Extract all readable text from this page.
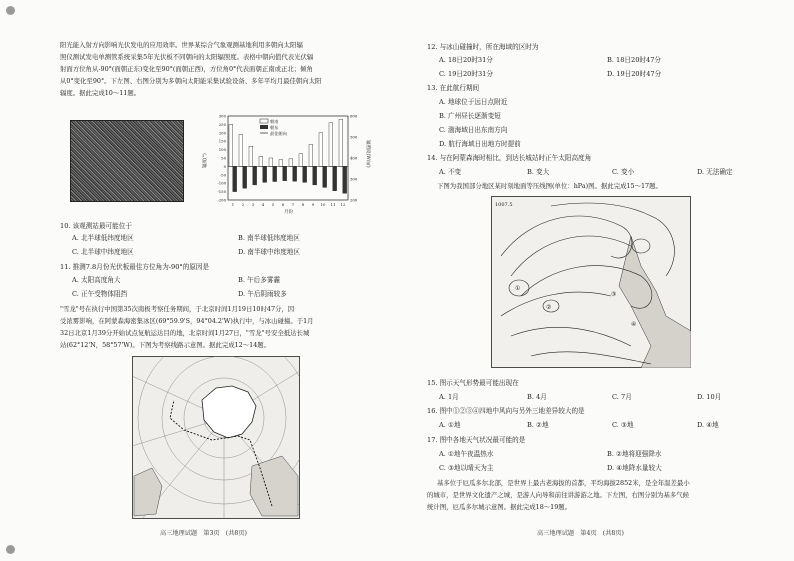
阳光能入射方向影响光伏发电的应用效率。世界某综合气象观测基地利用多朝向太阳辐
照仪测试发电单测管系统采集5年光伏板不同朝向的太阳辐照度。表格中朝向值代表光伏辐
射面方位角从-90°(面朝正东)变化至90°(面朝正西)，方位角0°代表面朝正南或正北；倾角
从0°变化至90°。下左图、右图分别为多朝向太阳能采集试验设备、多年平均月最佳朝向太阳
辐度。据此完成10～11题。
300
250
200
150
100
50
0
-50
-100
-150
-200
600
500
400
300
200
1 2 3 4 5 6 7 8 9 10 11 12
朝南
朝东
最佳朝向
月份
辐度(°)	辐照度(W/㎡)
10. 该观测站最可能位于
A. 北半球低纬度地区	B. 南半球低纬度地区
C. 北半球中纬度地区	D. 南半球中纬度地区
11. 推测7.8月份光伏板最佳方位角为-90°的原因是
A. 太阳高度角大	B. 午后多雾霾
C. 正午受物体阻挡	D. 午后阴雨较多
"雪龙"号在执行中国第35次南极考察任务期间，于北京时间1月19日10时47分，因
受浓雾影响，在阿蒙森海密集冰区(69°59.9'S，94°04.2'W)执行中，与冰山碰撞。于1月
32日北京1月39分开始试点复航运达目的地，北京时间1月27日，"雪龙"号安全抵达长城
站(62°12'N，58°57'W)。下图为考察线路示意图。据此完成12～14题。
高三地理试题　第3页　(共8页)
12. 与冰山碰撞时，所在海域的区时为
A. 18日20时31分	B. 18日20时47分
C. 19日20时31分	D. 19日20时47分
13. 在此航行期间
A. 地球位于远日点附近
B. 广州昼长逐渐变短
C. 渤海域日出东南方向
D. 航行海域日出地方时提前
14. 与在阿蒙森海时相比，到达长城站时正午太阳高度角
A. 不变	B. 变大	C. 变小	D. 无法确定
下图为我国部分地区某时刻地面等压线图(单位：hPa)图。据此完成15～17题。
1007.5
①
②
③
④
15. 图示天气形势最可能出现在
A. 1月	B. 4月	C. 7月	D. 10月
16. 图中①②③④四地中风向与另外三地差异较大的是
A. ①地	B. ②地	C. ③地	D. ④地
17. 图中各地天气状况最可能的是
A. ①地午夜温热水	B. ②地将迎强降水
C. ③地以晴天为主	D. ④地降水量较大
基多位于厄瓜多尔北部，是世界上最古老海拔的首都，平均海拔2852米，是全年温差最小
的城市，是世界文化遗产之城，是游人向导和前往讲游游之地。下左图，右图分别为基多气候
统计图，厄瓜多尔城示意图。据此完成18～19题。
高三地理试题　第4页　(共8页)
